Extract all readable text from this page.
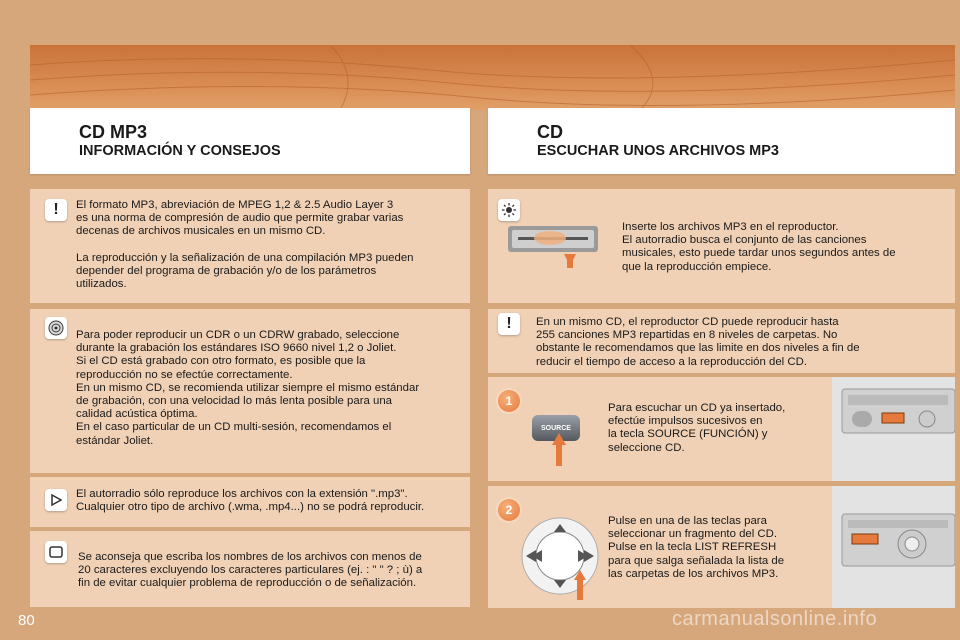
CD MP3
INFORMACIÓN Y CONSEJOS
CD
ESCUCHAR UNOS ARCHIVOS MP3
! El formato MP3, abreviación de MPEG 1,2 & 2.5 Audio Layer 3
es una norma de compresión de audio que permite grabar varias
decenas de archivos musicales en un mismo CD.

La reproducción y la señalización de una compilación MP3 pueden
depender del programa de grabación y/o de los parámetros
utilizados.

Para poder reproducir un CDR o un CDRW grabado, seleccione
durante la grabación los estándares ISO 9660 nivel 1,2 o Joliet.
Si el CD está grabado con otro formato, es posible que la
reproducción no se efectúe correctamente.
En un mismo CD, se recomienda utilizar siempre el mismo estándar
de grabación, con una velocidad lo más lenta posible para una
calidad acústica óptima.
En el caso particular de un CD multi-sesión, recomendamos el
estándar Joliet.

El autorradio sólo reproduce los archivos con la extensión ".mp3".
Cualquier otro tipo de archivo (.wma, .mp4...) no se podrá reproducir.

Se aconseja que escriba los nombres de los archivos con menos de
20 caracteres excluyendo los caracteres particulares (ej. : " " ? ; ù) a
fin de evitar cualquier problema de reproducción o de señalización.

Inserte los archivos MP3 en el reproductor.
El autorradio busca el conjunto de las canciones
musicales, esto puede tardar unos segundos antes de
que la reproducción empiece.

! En un mismo CD, el reproductor CD puede reproducir hasta
255 canciones MP3 repartidas en 8 niveles de carpetas. No
obstante le recomendamos que las limite en dos niveles a fin de
reducir el tiempo de acceso a la reproducción del CD.

1
SOURCE

Para escuchar un CD ya insertado,
efectúe impulsos sucesivos en
la tecla SOURCE (FUNCIÓN) y
seleccione CD.

2

Pulse en una de las teclas para
seleccionar un fragmento del CD.
Pulse en la tecla LIST REFRESH
para que salga señalada la lista de
las carpetas de los archivos MP3.

80	carmanualsonline.info
